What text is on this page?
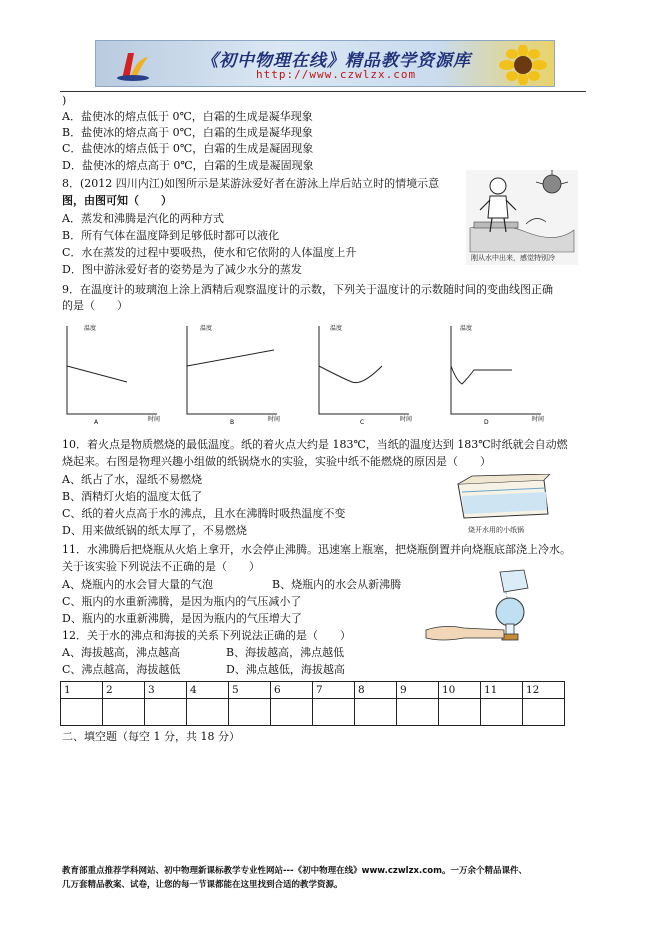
《初中物理在线》精品教学资源库
http://www.czwlzx.com
)
A．盐使冰的熔点低于 0℃，白霜的生成是凝华现象
B．盐使冰的熔点高于 0℃，白霜的生成是凝华现象
C．盐使冰的熔点低于 0℃，白霜的生成是凝固现象
D．盐使冰的熔点高于 0℃，白霜的生成是凝固现象
8．(2012 四川内江)如图所示是某游泳爱好者在游泳上岸后站立时的情境示意
图，由图可知（　　）
A．蒸发和沸腾是汽化的两种方式
B．所有气体在温度降到足够低时都可以液化
C．水在蒸发的过程中要吸热，使水和它依附的人体温度上升
D．图中游泳爱好者的姿势是为了减少水分的蒸发
刚从水中出来，感觉特别冷
9．在温度计的玻璃泡上涂上酒精后观察温度计的示数，下列关于温度计的示数随时间的变曲线图正确
的是（　　）
温度
时间
A
温度
时间
B
温度
时间
C
温度
时间
D
10．着火点是物质燃烧的最低温度。纸的着火点大约是 183℃，当纸的温度达到 183℃时纸就会自动燃
烧起来。右图是物理兴趣小组做的纸锅烧水的实验，实验中纸不能燃烧的原因是（　　）
A、纸占了水，湿纸不易燃烧
B、酒精灯火焰的温度太低了
C、纸的着火点高于水的沸点，且水在沸腾时吸热温度不变
D、用来做纸锅的纸太厚了，不易燃烧	烧开水用的小纸锅
11．水沸腾后把烧瓶从火焰上拿开，水会停止沸腾。迅速塞上瓶塞，把烧瓶倒置并向烧瓶底部浇上冷水。
关于该实验下列说法不正确的是（　　）
A、烧瓶内的水会冒大量的气泡	B、烧瓶内的水会从新沸腾
C、瓶内的水重新沸腾，是因为瓶内的气压减小了
D、瓶内的水重新沸腾，是因为瓶内的气压增大了
12．关于水的沸点和海拔的关系下列说法正确的是（　　）
A、海拔越高，沸点越高	B、海拔越高，沸点越低
C、沸点越高，海拔越低	D、沸点越低，海拔越高
1	2	3	4	5	6	7	8	9	10	11	12

二、填空题（每空 1 分，共 18 分）
教育部重点推荐学科网站、初中物理新课标教学专业性网站---《初中物理在线》www.czwlzx.com。一万余个精品课件、
几万套精品教案、试卷，让您的每一节课都能在这里找到合适的教学资源。
